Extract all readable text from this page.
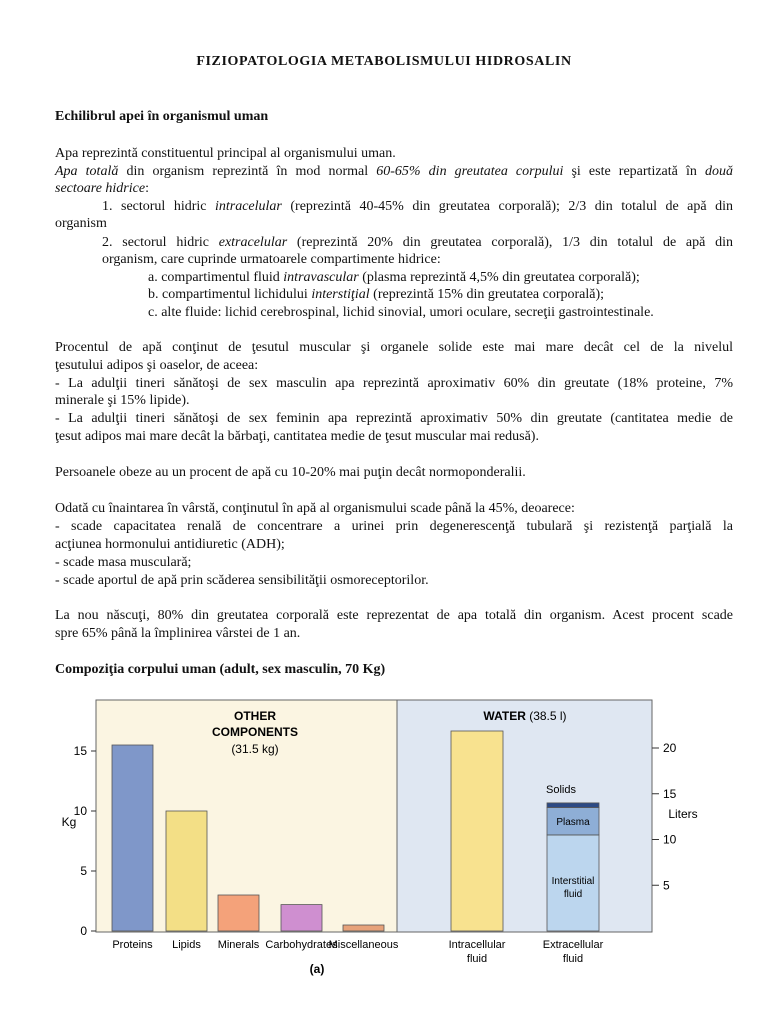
FIZIOPATOLOGIA METABOLISMULUI HIDROSALIN
Echilibrul apei în organismul uman
Apa reprezintă constituentul principal al organismului uman.
Apa totală din organism reprezintă în mod normal 60-65% din greutatea corpului şi este repartizată în două
sectoare hidrice:
1. sectorul hidric intracelular (reprezintă 40-45% din greutatea corporală); 2/3 din totalul de apă din
organism
2. sectorul hidric extracelular (reprezintă 20% din greutatea corporală), 1/3 din totalul de apă din
organism, care cuprinde urmatoarele compartimente hidrice:
a. compartimentul fluid intravascular (plasma reprezintă 4,5% din greutatea corporală);
b. compartimentul lichidului interstiţial (reprezintă 15% din greutatea corporală);
c. alte fluide: lichid cerebrospinal, lichid sinovial, umori oculare, secreţii gastrointestinale.
Procentul de apă conţinut de ţesutul muscular şi organele solide este mai mare decât cel de la nivelul
ţesutului adipos şi oaselor, de aceea:
- La adulţii tineri sănătoşi de sex masculin apa reprezintă aproximativ 60% din greutate (18% proteine, 7%
minerale şi 15% lipide).
- La adulţii tineri sănătoşi de sex feminin apa reprezintă aproximativ 50% din greutate (cantitatea medie de
ţesut adipos mai mare decât la bărbaţi, cantitatea medie de ţesut muscular mai redusă).
Persoanele obeze au un procent de apă cu 10-20% mai puţin decât normoponderalii.
Odată cu înaintarea în vârstă, conţinutul în apă al organismului scade până la 45%, deoarece:
- scade capacitatea renală de concentrare a urinei prin degenerescenţă tubulară şi rezistenţă parţială la
acţiunea hormonului antidiuretic (ADH);
- scade masa musculară;
- scade aportul de apă prin scăderea sensibilităţii osmoreceptorilor.
La nou născuţi, 80% din greutatea corporală este reprezentat de apa totală din organism. Acest procent scade
spre 65% până la împlinirea vârstei de 1 an.
Compoziţia corpului uman (adult, sex masculin, 70 Kg)
OTHER
COMPONENTS
(31.5 kg)
WATER (38.5 l)
Kg
Liters
0
5
10
15
5
10
15
20
Interstitial
fluid
Plasma
Solids
Proteins Lipids Minerals Carbohydrates
Miscellaneous	Intracellular
fluid
Extracellular
fluid
(a)
